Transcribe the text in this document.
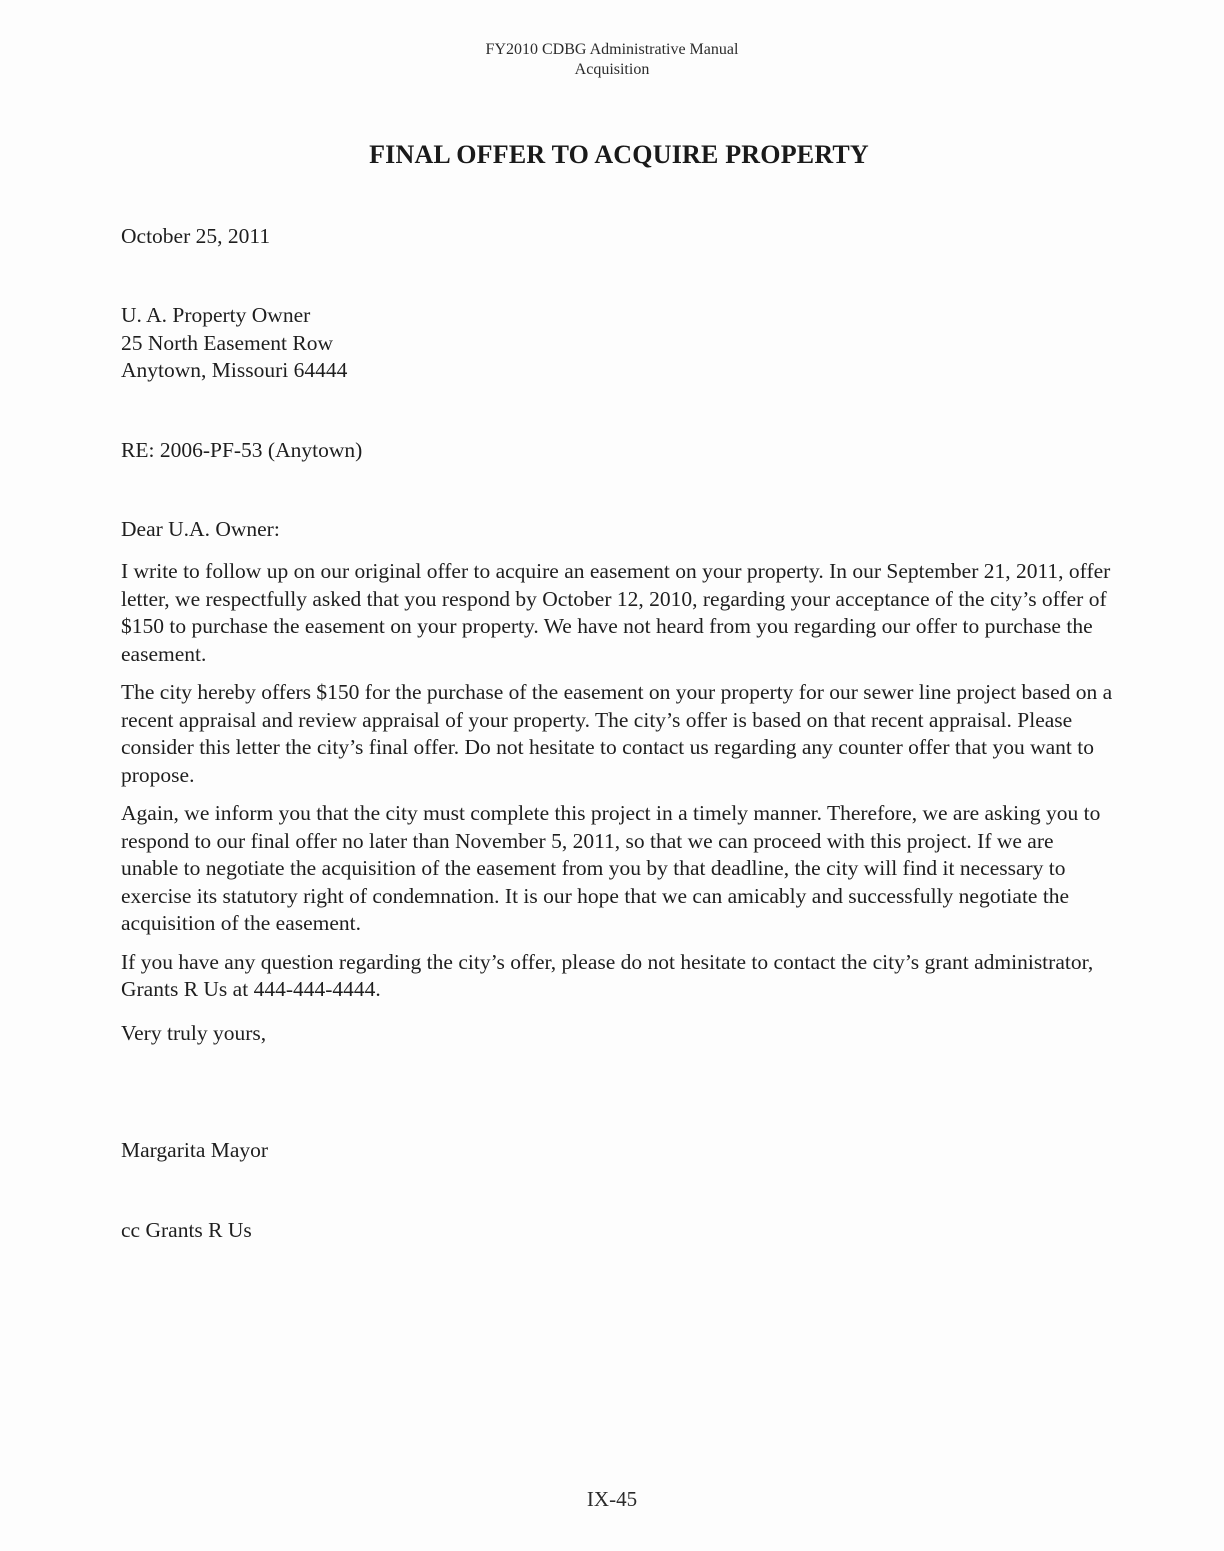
FY2010 CDBG Administrative Manual
Acquisition
FINAL OFFER TO ACQUIRE PROPERTY
October 25, 2011
U. A. Property Owner
25 North Easement Row
Anytown, Missouri 64444
RE: 2006-PF-53 (Anytown)
Dear U.A. Owner:

I write to follow up on our original offer to acquire an easement on your property. In our September 21, 2011, offer letter, we respectfully asked that you respond by October 12, 2010, regarding your acceptance of the city’s offer of $150 to purchase the easement on your property. We have not heard from you regarding our offer to purchase the easement.

The city hereby offers $150 for the purchase of the easement on your property for our sewer line project based on a recent appraisal and review appraisal of your property. The city’s offer is based on that recent appraisal. Please consider this letter the city’s final offer. Do not hesitate to contact us regarding any counter offer that you want to propose.

Again, we inform you that the city must complete this project in a timely manner. Therefore, we are asking you to respond to our final offer no later than November 5, 2011, so that we can proceed with this project. If we are unable to negotiate the acquisition of the easement from you by that deadline, the city will find it necessary to exercise its statutory right of condemnation. It is our hope that we can amicably and successfully negotiate the acquisition of the easement.

If you have any question regarding the city’s offer, please do not hesitate to contact the city’s grant administrator, Grants R Us at 444-444-4444.

Very truly yours,
Margarita Mayor
cc Grants R Us
IX-45
